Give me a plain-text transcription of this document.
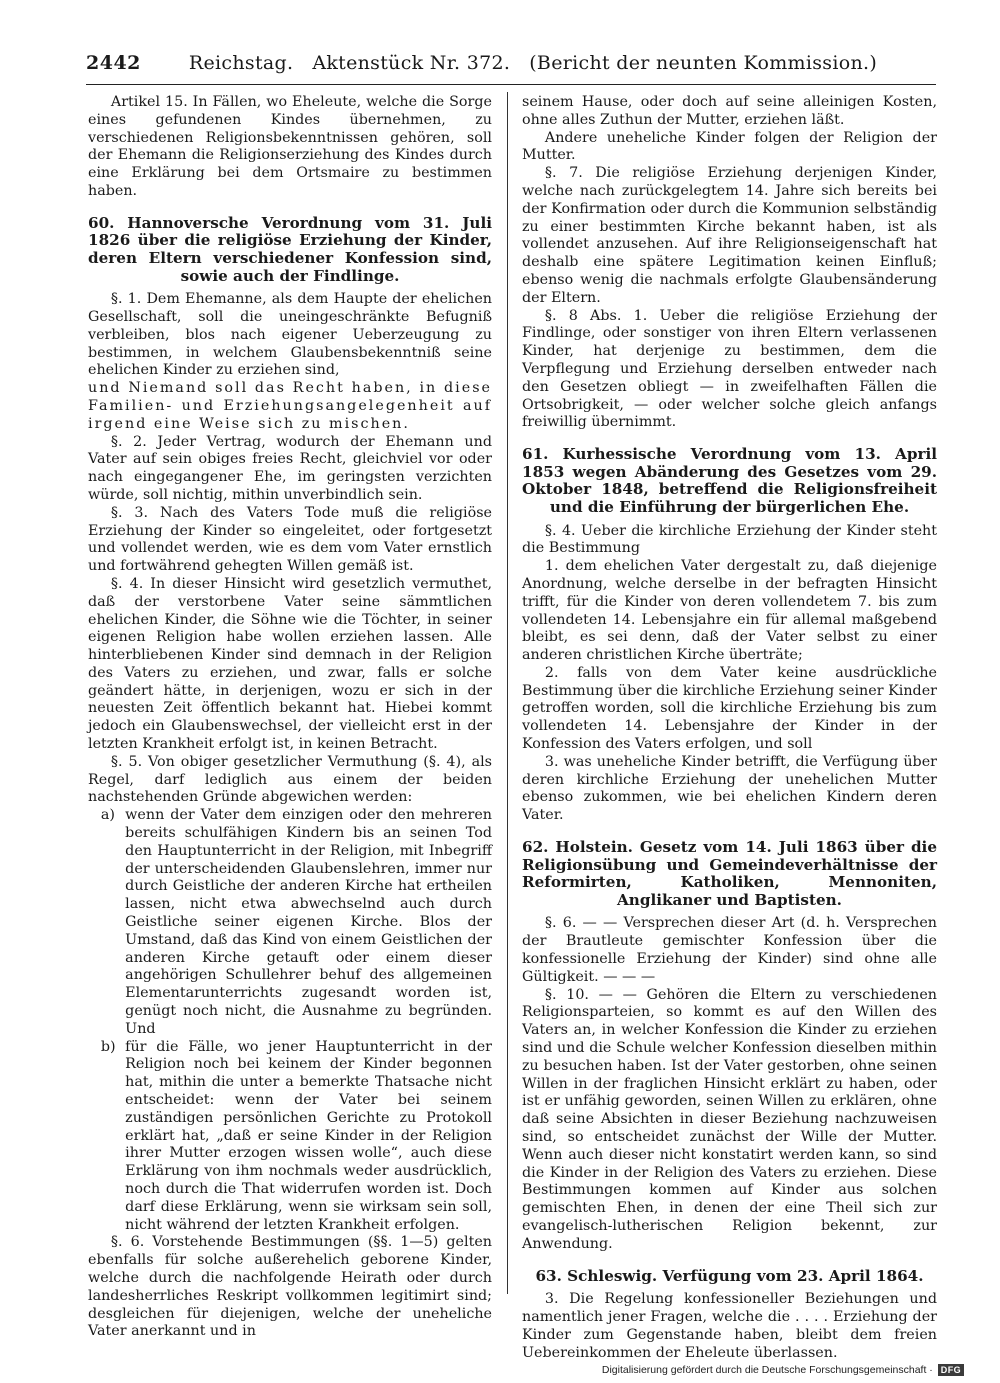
2442	Reichstag.   Aktenstück Nr. 372.   (Bericht der neunten Kommission.)

Artikel 15. In Fällen, wo Eheleute, welche die Sorge eines gefundenen Kindes übernehmen, zu verschiedenen Religionsbekenntnissen gehören, soll der Ehemann die Religionserziehung des Kindes durch eine Erklärung bei dem Ortsmaire zu bestimmen haben.

60. Hannoversche Verordnung vom 31. Juli 1826 über die religiöse Erziehung der Kinder, deren Eltern verschiedener Konfession sind, sowie auch der Findlinge.

§. 1. Dem Ehemanne, als dem Haupte der ehelichen Gesellschaft, soll die uneingeschränkte Befugniß verbleiben, blos nach eigener Ueberzeugung zu bestimmen, in welchem Glaubensbekenntniß seine ehelichen Kinder zu erziehen sind,

und Niemand soll das Recht haben, in diese Familien- und Erziehungsangelegenheit auf irgend eine Weise sich zu mischen.

§. 2. Jeder Vertrag, wodurch der Ehemann und Vater auf sein obiges freies Recht, gleichviel vor oder nach eingegangener Ehe, im geringsten verzichten würde, soll nichtig, mithin unverbindlich sein.

§. 3. Nach des Vaters Tode muß die religiöse Erziehung der Kinder so eingeleitet, oder fortgesetzt und vollendet werden, wie es dem vom Vater ernstlich und fortwährend gehegten Willen gemäß ist.

§. 4. In dieser Hinsicht wird gesetzlich vermuthet, daß der verstorbene Vater seine sämmtlichen ehelichen Kinder, die Söhne wie die Töchter, in seiner eigenen Religion habe wollen erziehen lassen. Alle hinterbliebenen Kinder sind demnach in der Religion des Vaters zu erziehen, und zwar, falls er solche geändert hätte, in derjenigen, wozu er sich in der neuesten Zeit öffentlich bekannt hat. Hiebei kommt jedoch ein Glaubenswechsel, der vielleicht erst in der letzten Krankheit erfolgt ist, in keinen Betracht.

§. 5. Von obiger gesetzlicher Vermuthung (§. 4), als Regel, darf lediglich aus einem der beiden nachstehenden Gründe abgewichen werden:

a) wenn der Vater dem einzigen oder den mehreren bereits schulfähigen Kindern bis an seinen Tod den Hauptunterricht in der Religion, mit Inbegriff der unterscheidenden Glaubenslehren, immer nur durch Geistliche der anderen Kirche hat ertheilen lassen, nicht etwa abwechselnd auch durch Geistliche seiner eigenen Kirche. Blos der Umstand, daß das Kind von einem Geistlichen der anderen Kirche getauft oder einem dieser angehörigen Schullehrer behuf des allgemeinen Elementarunterrichts zugesandt worden ist, genügt noch nicht, die Ausnahme zu begründen. Und

b) für die Fälle, wo jener Hauptunterricht in der Religion noch bei keinem der Kinder begonnen hat, mithin die unter a bemerkte Thatsache nicht entscheidet: wenn der Vater bei seinem zuständigen persönlichen Gerichte zu Protokoll erklärt hat, „daß er seine Kinder in der Religion ihrer Mutter erzogen wissen wolle“, auch diese Erklärung von ihm nochmals weder ausdrücklich, noch durch die That widerrufen worden ist. Doch darf diese Erklärung, wenn sie wirksam sein soll, nicht während der letzten Krankheit erfolgen.

§. 6. Vorstehende Bestimmungen (§§. 1—5) gelten ebenfalls für solche außerehelich geborene Kinder, welche durch die nachfolgende Heirath oder durch landesherrliches Reskript vollkommen legitimirt sind; desgleichen für diejenigen, welche der uneheliche Vater anerkannt und in

seinem Hause, oder doch auf seine alleinigen Kosten, ohne alles Zuthun der Mutter, erziehen läßt.

Andere uneheliche Kinder folgen der Religion der Mutter.

§. 7. Die religiöse Erziehung derjenigen Kinder, welche nach zurückgelegtem 14. Jahre sich bereits bei der Konfirmation oder durch die Kommunion selbständig zu einer bestimmten Kirche bekannt haben, ist als vollendet anzusehen. Auf ihre Religionseigenschaft hat deshalb eine spätere Legitimation keinen Einfluß; ebenso wenig die nachmals erfolgte Glaubensänderung der Eltern.

§. 8 Abs. 1. Ueber die religiöse Erziehung der Findlinge, oder sonstiger von ihren Eltern verlassenen Kinder, hat derjenige zu bestimmen, dem die Verpflegung und Erziehung derselben entweder nach den Gesetzen obliegt — in zweifelhaften Fällen die Ortsobrigkeit, — oder welcher solche gleich anfangs freiwillig übernimmt.

61. Kurhessische Verordnung vom 13. April 1853 wegen Abänderung des Gesetzes vom 29. Oktober 1848, betreffend die Religionsfreiheit und die Einführung der bürgerlichen Ehe.

§. 4. Ueber die kirchliche Erziehung der Kinder steht die Bestimmung

1. dem ehelichen Vater dergestalt zu, daß diejenige Anordnung, welche derselbe in der befragten Hinsicht trifft, für die Kinder von deren vollendetem 7. bis zum vollendeten 14. Lebensjahre ein für allemal maßgebend bleibt, es sei denn, daß der Vater selbst zu einer anderen christlichen Kirche überträte;

2. falls von dem Vater keine ausdrückliche Bestimmung über die kirchliche Erziehung seiner Kinder getroffen worden, soll die kirchliche Erziehung bis zum vollendeten 14. Lebensjahre der Kinder in der Konfession des Vaters erfolgen, und soll

3. was uneheliche Kinder betrifft, die Verfügung über deren kirchliche Erziehung der unehelichen Mutter ebenso zukommen, wie bei ehelichen Kindern deren Vater.

62. Holstein. Gesetz vom 14. Juli 1863 über die Religionsübung und Gemeindeverhältnisse der Reformirten, Katholiken, Mennoniten, Anglikaner und Baptisten.

§. 6. — — Versprechen dieser Art (d. h. Versprechen der Brautleute gemischter Konfession über die konfessionelle Erziehung der Kinder) sind ohne alle Gültigkeit. — — —

§. 10. — — Gehören die Eltern zu verschiedenen Religionsparteien, so kommt es auf den Willen des Vaters an, in welcher Konfession die Kinder zu erziehen sind und die Schule welcher Konfession dieselben mithin zu besuchen haben. Ist der Vater gestorben, ohne seinen Willen in der fraglichen Hinsicht erklärt zu haben, oder ist er unfähig geworden, seinen Willen zu erklären, ohne daß seine Absichten in dieser Beziehung nachzuweisen sind, so entscheidet zunächst der Wille der Mutter. Wenn auch dieser nicht konstatirt werden kann, so sind die Kinder in der Religion des Vaters zu erziehen. Diese Bestimmungen kommen auf Kinder aus solchen gemischten Ehen, in denen der eine Theil sich zur evangelisch-lutherischen Religion bekennt, zur Anwendung.

63. Schleswig. Verfügung vom 23. April 1864.

3. Die Regelung konfessioneller Beziehungen und namentlich jener Fragen, welche die . . . . Erziehung der Kinder zum Gegenstande haben, bleibt dem freien Uebereinkommen der Eheleute überlassen.

Digitalisierung gefördert durch die Deutsche Forschungsgemeinschaft · DFG
